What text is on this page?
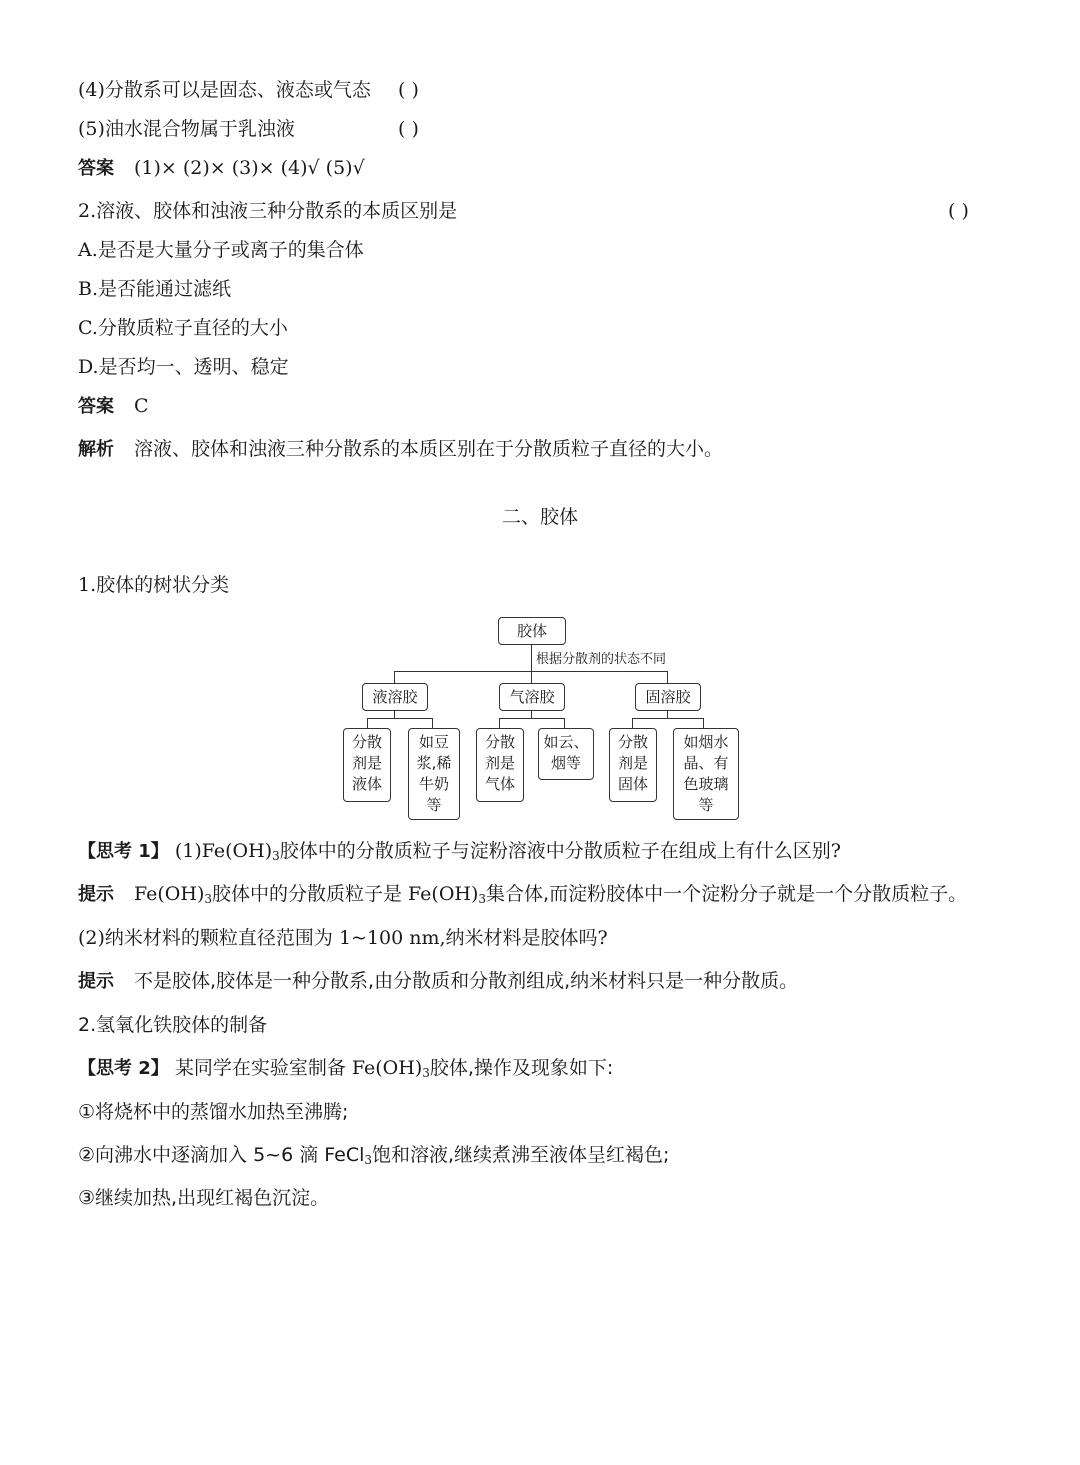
(4)分散系可以是固态、液态或气态 ( )
(5)油水混合物属于乳浊液	( )
答案 (1)× (2)× (3)× (4)√ (5)√
2.溶液、胶体和浊液三种分散系的本质区别是	( )
A.是否是大量分子或离子的集合体
B.是否能通过滤纸
C.分散质粒子直径的大小
D.是否均一、透明、稳定
答案 C
解析 溶液、胶体和浊液三种分散系的本质区别在于分散质粒子直径的大小。
二、胶体
1.胶体的树状分类
胶体
根据分散剂的状态不同
液溶胶
分散
剂是
液体
如豆
浆,稀
牛奶
等
气溶胶
分散
剂是
气体
如云、
烟等
固溶胶
分散
剂是
固体
如烟水
晶、有
色玻璃
等
【思考 1】 $(1)Fe(OH)_3$胶体中的分散质粒子与淀粉溶液中分散质粒子在组成上有什么区别?
提示 $Fe(OH)_3$胶体中的分散质粒子是 $Fe(OH)_3$集合体,而淀粉胶体中一个淀粉分子就是一个分散质粒子。
(2)纳米材料的颗粒直径范围为 1~100 nm,纳米材料是胶体吗?
提示 不是胶体,胶体是一种分散系,由分散质和分散剂组成,纳米材料只是一种分散质。
2.氢氧化铁胶体的制备
【思考 2】 某同学在实验室制备 $Fe(OH)_3$胶体,操作及现象如下:
①将烧杯中的蒸馏水加热至沸腾;
②向沸水中逐滴加入 5~6 滴 FeCl$_3$饱和溶液,继续煮沸至液体呈红褐色;
③继续加热,出现红褐色沉淀。
